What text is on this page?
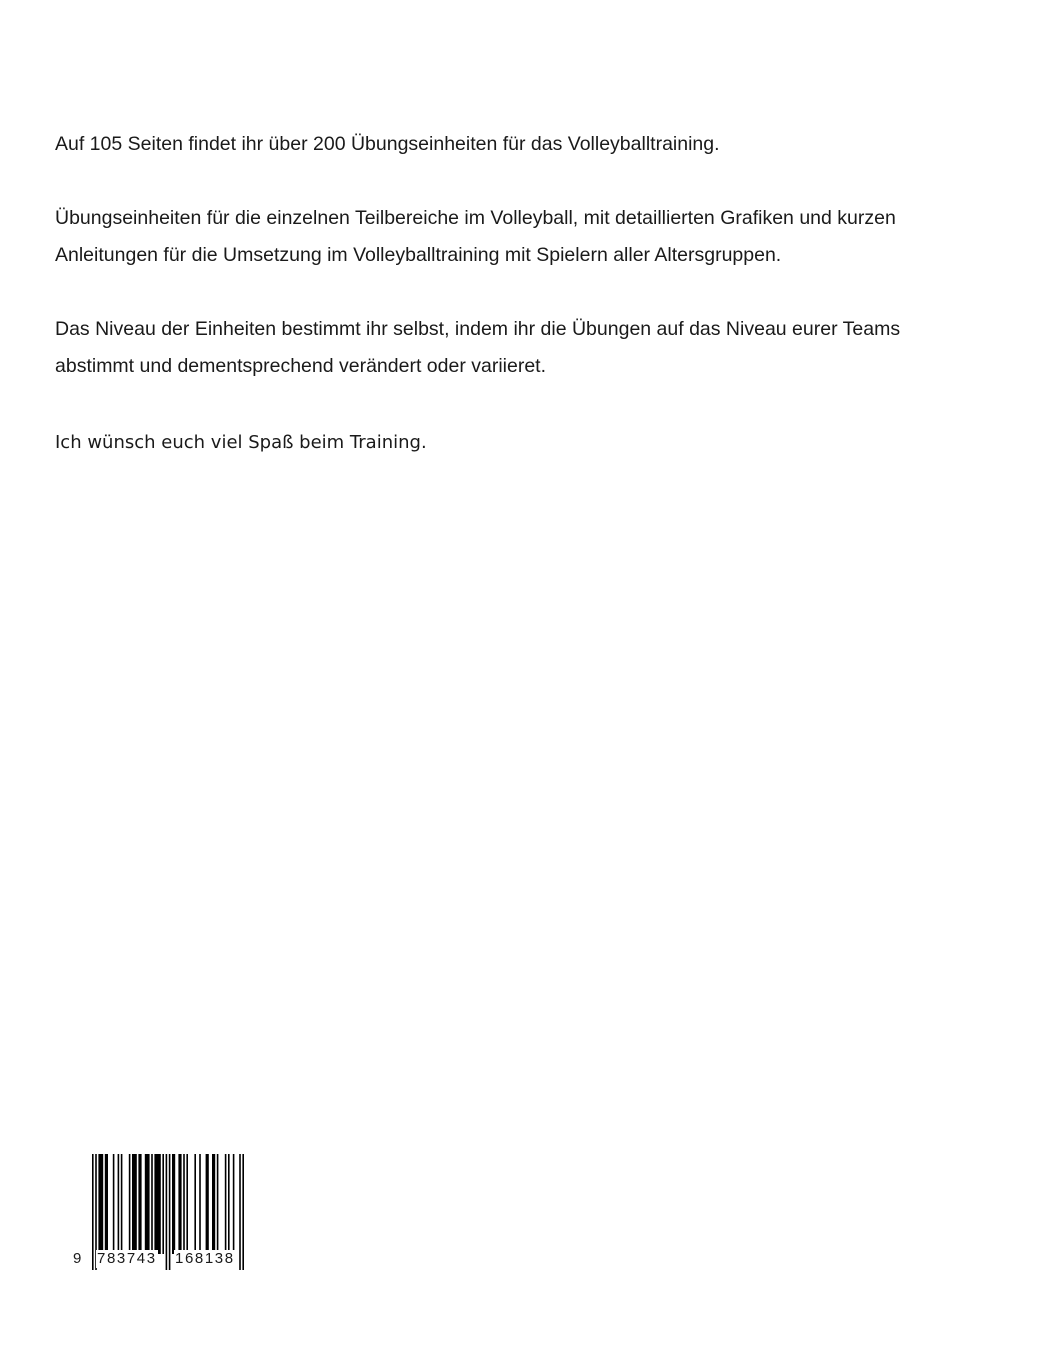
Auf 105 Seiten findet ihr über 200 Übungseinheiten für das Volleyballtraining.

Übungseinheiten für die einzelnen Teilbereiche im Volleyball, mit detaillierten Grafiken und kurzen
Anleitungen für die Umsetzung im Volleyballtraining mit Spielern aller Altersgruppen.

Das Niveau der Einheiten bestimmt ihr selbst, indem ihr die Übungen auf das Niveau eurer Teams
abstimmt und dementsprechend verändert oder variieret.

Ich wünsch euch viel Spaß beim Training.

9 783743 168138
